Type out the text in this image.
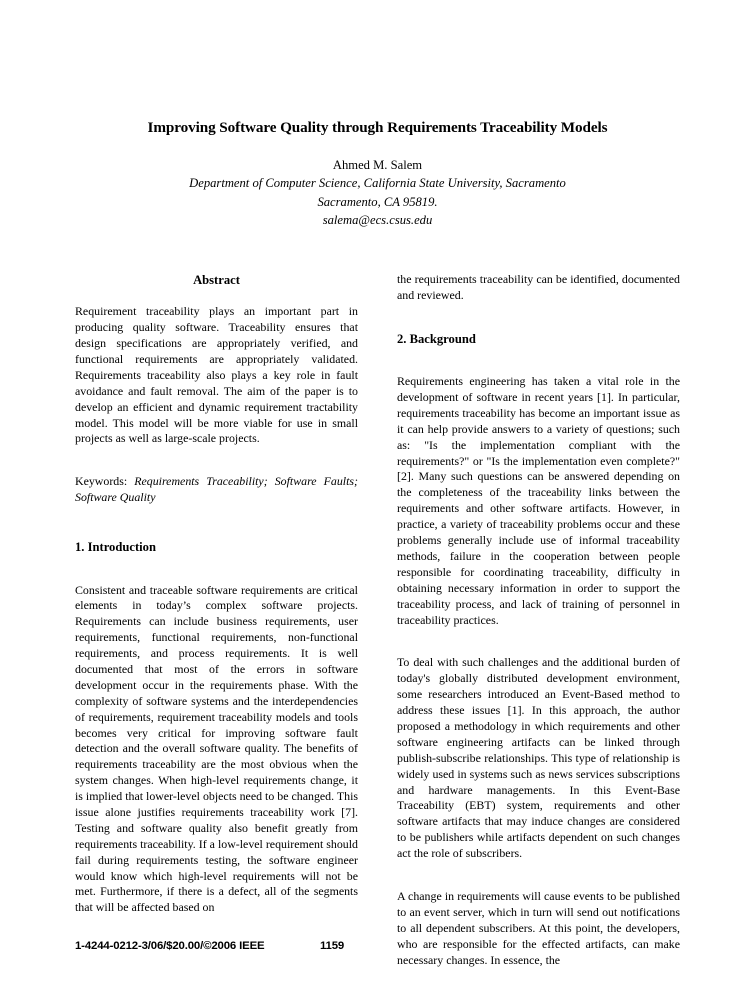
Improving Software Quality through Requirements Traceability Models
Ahmed M. Salem
Department of Computer Science, California State University, Sacramento
Sacramento, CA 95819.
salema@ecs.csus.edu
Abstract

Requirement traceability plays an important part in producing quality software. Traceability ensures that design specifications are appropriately verified, and functional requirements are appropriately validated. Requirements traceability also plays a key role in fault avoidance and fault removal. The aim of the paper is to develop an efficient and dynamic requirement tractability model. This model will be more viable for use in small projects as well as large-scale projects.

Keywords: Requirements Traceability; Software Faults; Software Quality

1. Introduction

Consistent and traceable software requirements are critical elements in today’s complex software projects. Requirements can include business requirements, user requirements, functional requirements, non-functional requirements, and process requirements. It is well documented that most of the errors in software development occur in the requirements phase. With the complexity of software systems and the interdependencies of requirements, requirement traceability models and tools becomes very critical for improving software fault detection and the overall software quality. The benefits of requirements traceability are the most obvious when the system changes. When high-level requirements change, it is implied that lower-level objects need to be changed. This issue alone justifies requirements traceability work [7]. Testing and software quality also benefit greatly from requirements traceability. If a low-level requirement should fail during requirements testing, the software engineer would know which high-level requirements will not be met. Furthermore, if there is a defect, all of the segments that will be affected based on

the requirements traceability can be identified, documented and reviewed.

2. Background

Requirements engineering has taken a vital role in the development of software in recent years [1]. In particular, requirements traceability has become an important issue as it can help provide answers to a variety of questions; such as: "Is the implementation compliant with the requirements?" or "Is the implementation even complete?" [2]. Many such questions can be answered depending on the completeness of the traceability links between the requirements and other software artifacts. However, in practice, a variety of traceability problems occur and these problems generally include use of informal traceability methods, failure in the cooperation between people responsible for coordinating traceability, difficulty in obtaining necessary information in order to support the traceability process, and lack of training of personnel in traceability practices.

To deal with such challenges and the additional burden of today's globally distributed development environment, some researchers introduced an Event-Based method to address these issues [1]. In this approach, the author proposed a methodology in which requirements and other software engineering artifacts can be linked through publish-subscribe relationships. This type of relationship is widely used in systems such as news services subscriptions and hardware managements. In this Event-Base Traceability (EBT) system, requirements and other software artifacts that may induce changes are considered to be publishers while artifacts dependent on such changes act the role of subscribers.

A change in requirements will cause events to be published to an event server, which in turn will send out notifications to all dependent subscribers. At this point, the developers, who are responsible for the effected artifacts, can make necessary changes. In essence, the

1-4244-0212-3/06/$20.00/©2006 IEEE	1159
